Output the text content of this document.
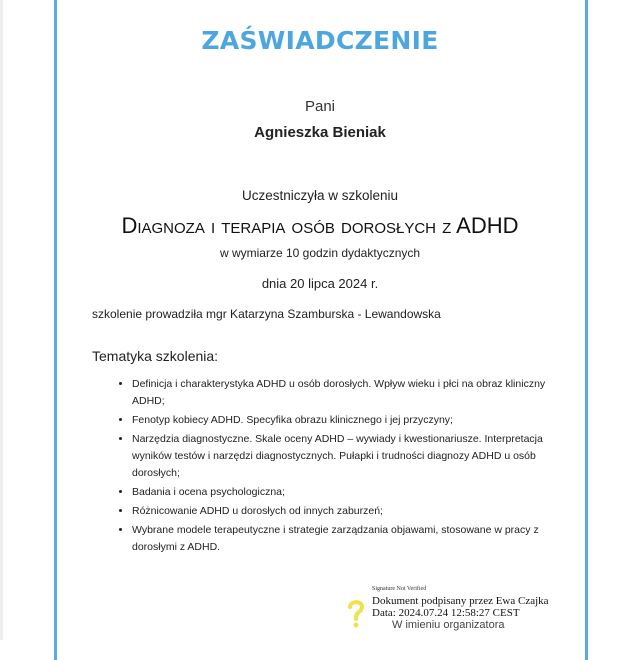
ZAŚWIADCZENIE
Pani
Agnieszka Bieniak
Uczestniczyła w szkoleniu
Diagnoza i terapia osób dorosłych z ADHD
w wymiarze 10 godzin dydaktycznych
dnia 20 lipca 2024 r.
szkolenie prowadziła mgr Katarzyna Szamburska - Lewandowska
Tematyka szkolenia:
• Definicja i charakterystyka ADHD u osób dorosłych. Wpływ wieku i płci na obraz kliniczny ADHD;
• Fenotyp kobiecy ADHD. Specyfika obrazu klinicznego i jej przyczyny;
• Narzędzia diagnostyczne. Skale oceny ADHD – wywiady i kwestionariusze. Interpretacja wyników testów i narzędzi diagnostycznych. Pułapki i trudności diagnozy ADHD u osób dorosłych;
• Badania i ocena psychologiczna;
• Różnicowanie ADHD u dorosłych od innych zaburzeń;
• Wybrane modele terapeutyczne i strategie zarządzania objawami, stosowane w pracy z dorosłymi z ADHD.
Signature Not Verified
Dokument podpisany przez Ewa Czajka
Data: 2024.07.24 12:58:27 CEST
W imieniu organizatora
